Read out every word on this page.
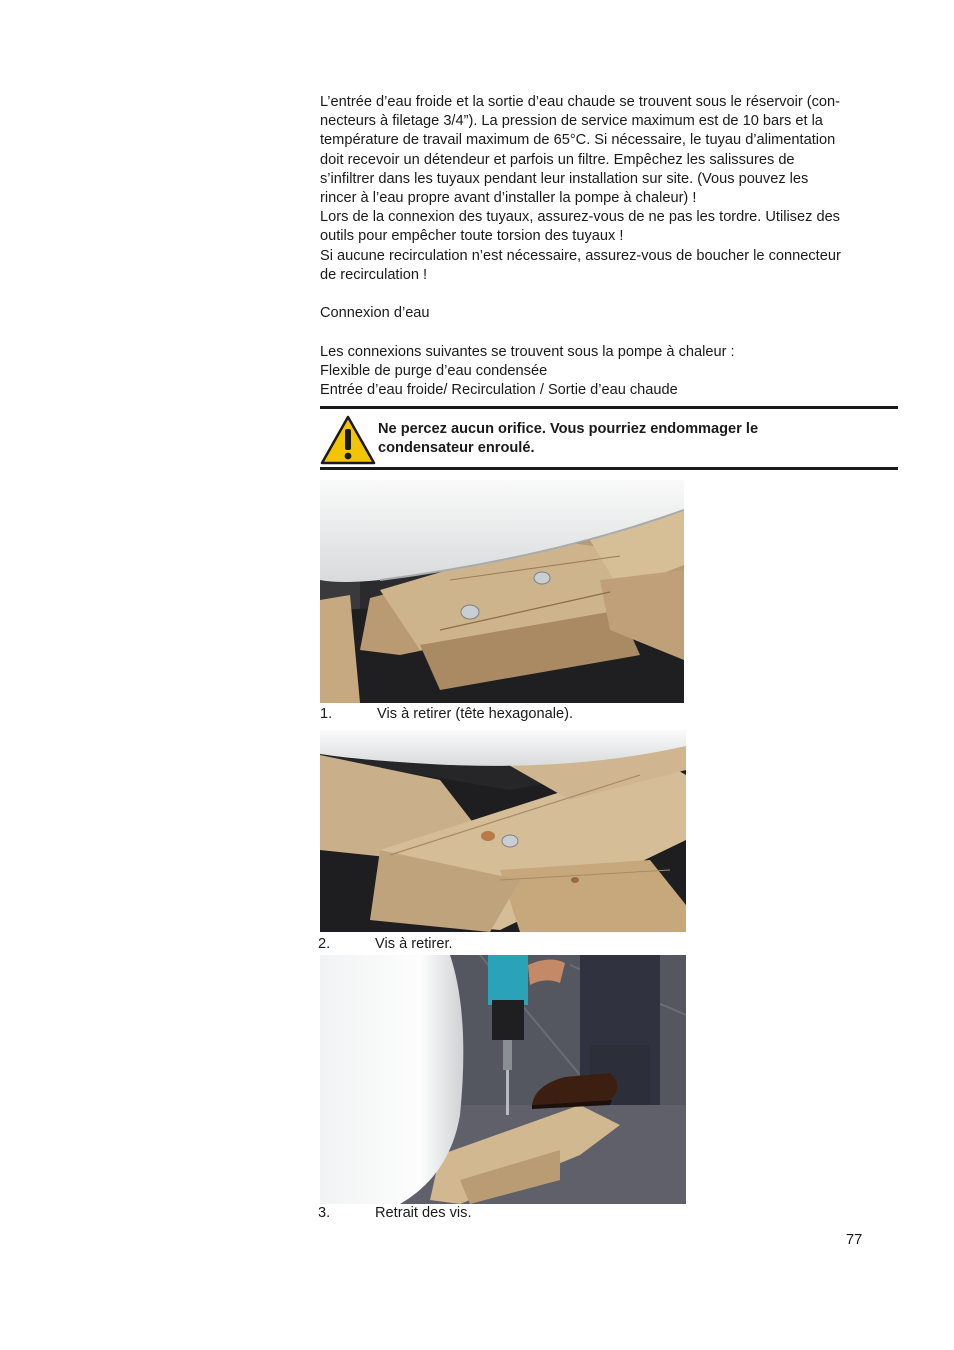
L’entrée d’eau froide et la sortie d’eau chaude se trouvent sous le réservoir (con-

necteurs à filetage 3/4”). La pression de service maximum est de 10 bars et la

température de travail maximum de 65°C. Si nécessaire, le tuyau d’alimentation

doit recevoir un détendeur et parfois un filtre. Empêchez les salissures de

s’infiltrer dans les tuyaux pendant leur installation sur site. (Vous pouvez les

rincer à l’eau propre avant d’installer la pompe à chaleur) !

Lors de la connexion des tuyaux, assurez-vous de ne pas les tordre. Utilisez des

outils pour empêcher toute torsion des tuyaux !

Si aucune recirculation n’est nécessaire, assurez-vous de boucher le connecteur

de recirculation !

Connexion d’eau

Les connexions suivantes se trouvent sous la pompe à chaleur :

Flexible de purge d’eau condensée

Entrée d’eau froide/ Recirculation / Sortie d’eau chaude

Ne percez aucun orifice. Vous pourriez endommager le
condensateur enroulé.
1.	Vis à retirer (tête hexagonale).
2.	Vis à retirer.
3.	Retrait des vis.
77
